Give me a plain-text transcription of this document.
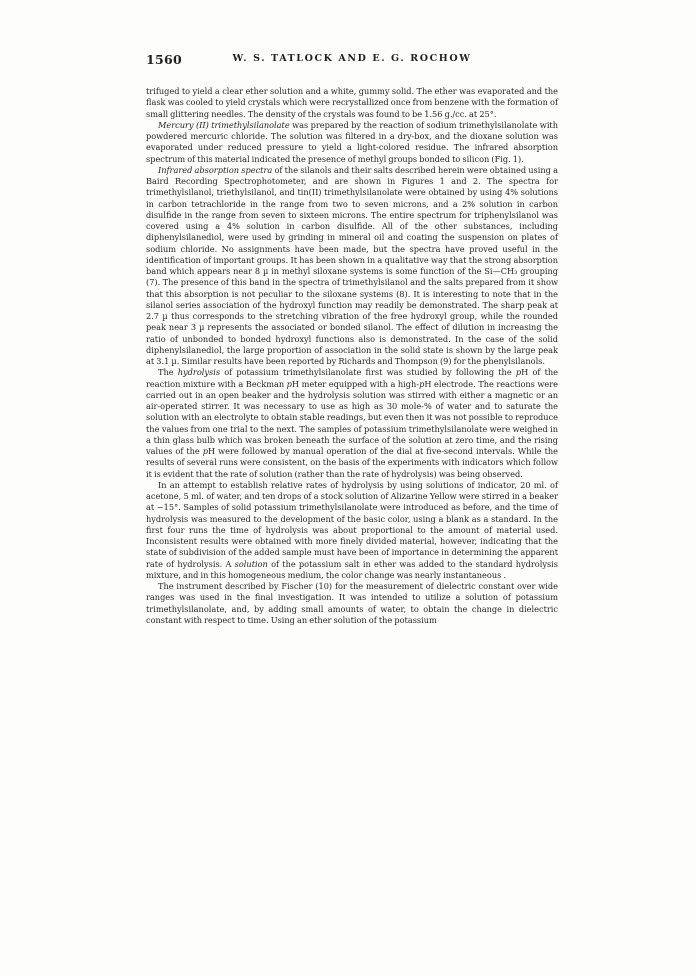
1560	W. S. TATLOCK AND E. G. ROCHOW

trifuged to yield a clear ether solution and a white, gummy solid. The ether was evaporated and the flask was cooled to yield crystals which were recrystallized once from benzene with the formation of small glittering needles. The density of the crystals was found to be 1.56 g./cc. at 25°.

Mercury (II) trimethylsilanolate was prepared by the reaction of sodium trimethylsilanolate with powdered mercuric chloride. The solution was filtered in a dry-box, and the dioxane solution was evaporated under reduced pressure to yield a light-colored residue. The infrared absorption spectrum of this material indicated the presence of methyl groups bonded to silicon (Fig. 1).

Infrared absorption spectra of the silanols and their salts described herein were obtained using a Baird Recording Spectrophotometer, and are shown in Figures 1 and 2. The spectra for trimethylsilanol, triethylsilanol, and tin(II) trimethylsilanolate were obtained by using 4% solutions in carbon tetrachloride in the range from two to seven microns, and a 2% solution in carbon disulfide in the range from seven to sixteen microns. The entire spectrum for triphenylsilanol was covered using a 4% solution in carbon disulfide. All of the other substances, including diphenylsilanediol, were used by grinding in mineral oil and coating the suspension on plates of sodium chloride. No assignments have been made, but the spectra have proved useful in the identification of important groups. It has been shown in a qualitative way that the strong absorption band which appears near 8 µ in methyl siloxane systems is some function of the Si—CH₃ grouping (7). The presence of this band in the spectra of trimethylsilanol and the salts prepared from it show that this absorption is not peculiar to the siloxane systems (8). It is interesting to note that in the silanol series association of the hydroxyl function may readily be demonstrated. The sharp peak at 2.7 µ thus corresponds to the stretching vibration of the free hydroxyl group, while the rounded peak near 3 µ represents the associated or bonded silanol. The effect of dilution in increasing the ratio of unbonded to bonded hydroxyl functions also is demonstrated. In the case of the solid diphenylsilanediol, the large proportion of association in the solid state is shown by the large peak at 3.1 µ. Similar results have been reported by Richards and Thompson (9) for the phenylsilanols.

The hydrolysis of potassium trimethylsilanolate first was studied by following the pH of the reaction mixture with a Beckman pH meter equipped with a high-pH electrode. The reactions were carried out in an open beaker and the hydrolysis solution was stirred with either a magnetic or an air-operated stirrer. It was necessary to use as high as 30 mole-% of water and to saturate the solution with an electrolyte to obtain stable readings, but even then it was not possible to reproduce the values from one trial to the next. The samples of potassium trimethylsilanolate were weighed in a thin glass bulb which was broken beneath the surface of the solution at zero time, and the rising values of the pH were followed by manual operation of the dial at five-second intervals. While the results of several runs were consistent, on the basis of the experiments with indicators which follow it is evident that the rate of solution (rather than the rate of hydrolysis) was being observed.

In an attempt to establish relative rates of hydrolysis by using solutions of indicator, 20 ml. of acetone, 5 ml. of water, and ten drops of a stock solution of Alizarine Yellow were stirred in a beaker at −15°. Samples of solid potassium trimethylsilanolate were introduced as before, and the time of hydrolysis was measured to the development of the basic color, using a blank as a standard. In the first four runs the time of hydrolysis was about proportional to the amount of material used. Inconsistent results were obtained with more finely divided material, however, indicating that the state of subdivision of the added sample must have been of importance in determining the apparent rate of hydrolysis. A solution of the potassium salt in ether was added to the standard hydrolysis mixture, and in this homogeneous medium, the color change was nearly instantaneous .

The instrument described by Fischer (10) for the measurement of dielectric constant over wide ranges was used in the final investigation. It was intended to utilize a solution of potassium trimethylsilanolate, and, by adding small amounts of water, to obtain the change in dielectric constant with respect to time. Using an ether solution of the potassium
